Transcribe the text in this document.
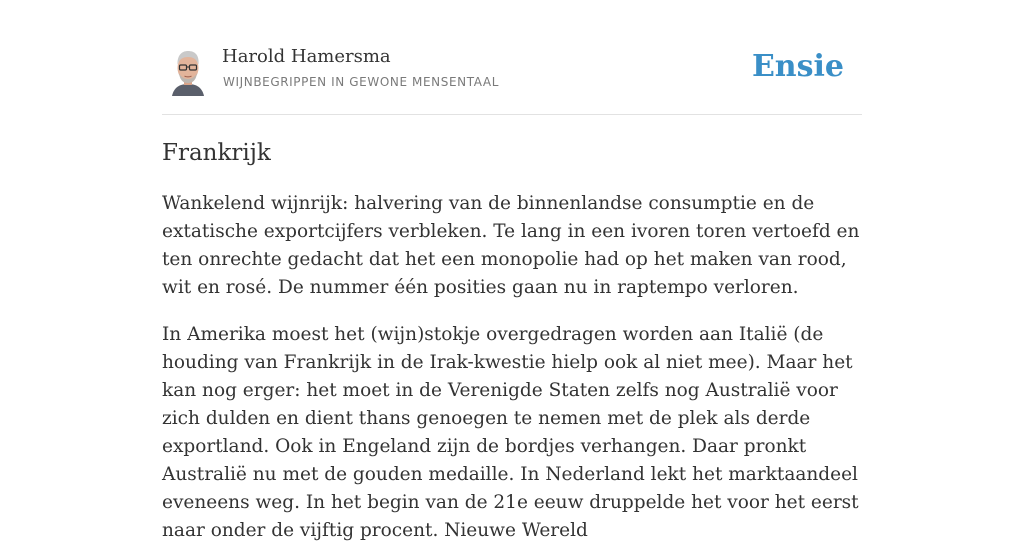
Harold Hamersma
WIJNBEGRIPPEN IN GEWONE MENSENTAAL	Ensie
Frankrijk

Wankelend wijnrijk: halvering van de binnenlandse consumptie en de extatische exportcijfers verbleken. Te lang in een ivoren toren vertoefd en ten onrechte gedacht dat het een monopolie had op het maken van rood, wit en rosé. De nummer één posities gaan nu in raptempo verloren.

In Amerika moest het (wijn)stokje overgedragen worden aan Italië (de houding van Frankrijk in de Irak-kwestie hielp ook al niet mee). Maar het kan nog erger: het moet in de Verenigde Staten zelfs nog Australië voor zich dulden en dient thans genoegen te nemen met de plek als derde exportland. Ook in Engeland zijn de bordjes verhangen. Daar pronkt Australië nu met de gouden medaille. In Nederland lekt het marktaandeel eveneens weg. In het begin van de 21e eeuw druppelde het voor het eerst naar onder de vijftig procent. Nieuwe Wereld
